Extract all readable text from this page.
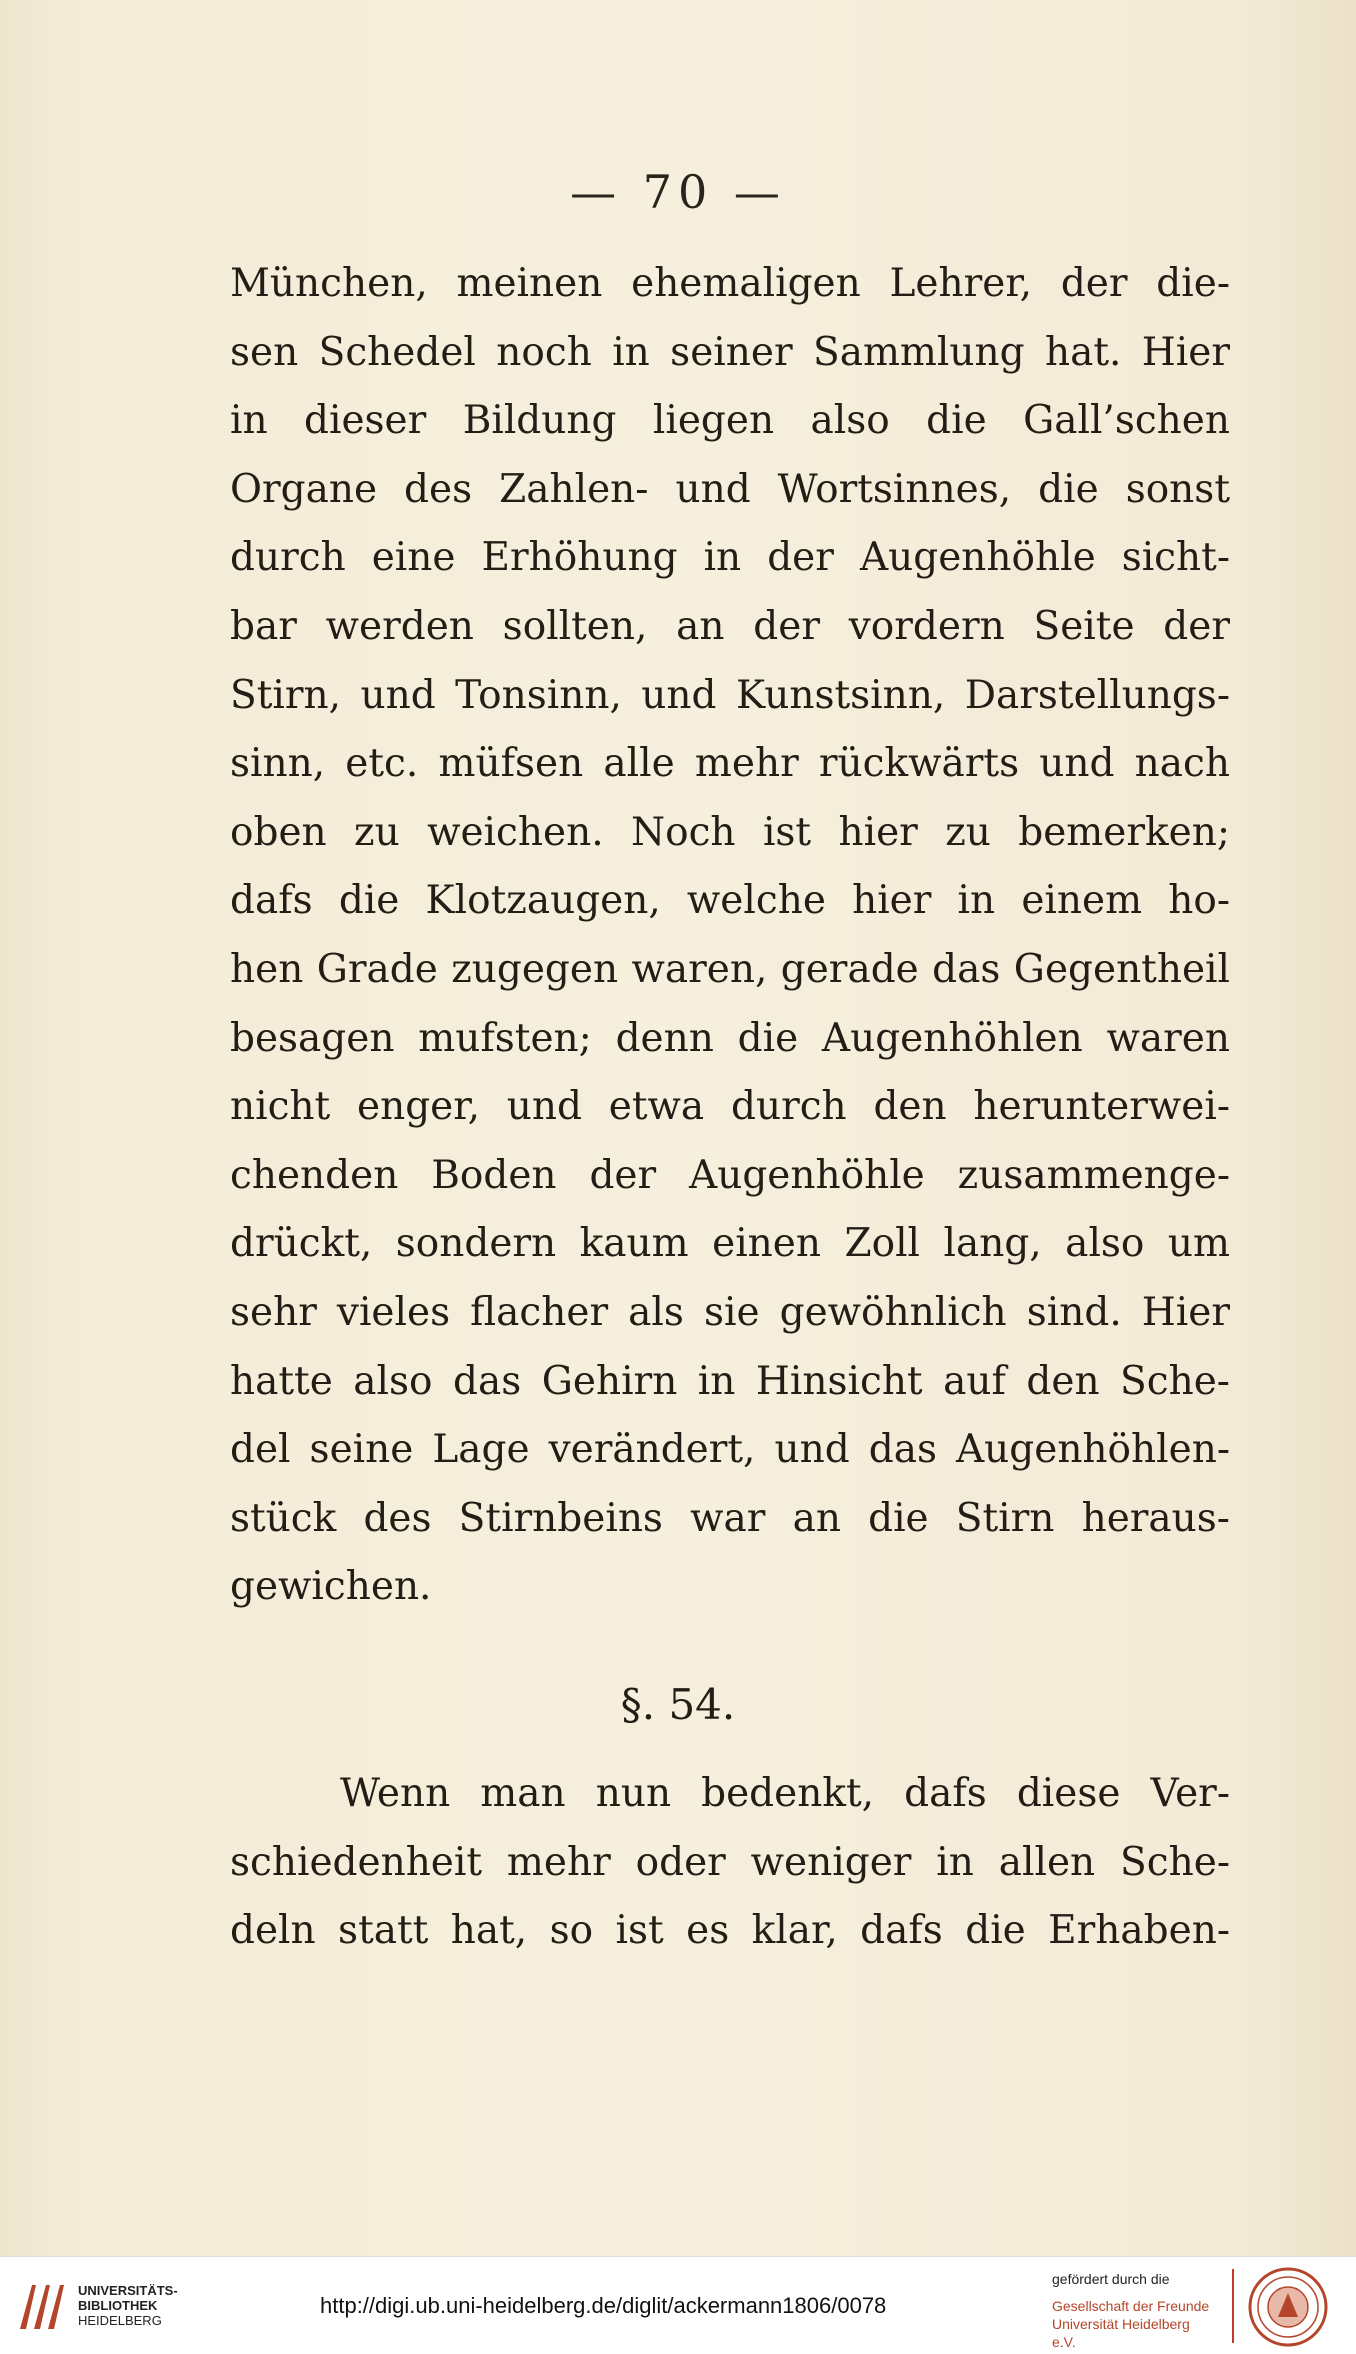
— 70 —
München, meinen ehemaligen Lehrer, der die-
sen Schedel noch in seiner Sammlung hat. Hier
in dieser Bildung liegen also die Gall’schen
Organe des Zahlen- und Wortsinnes, die sonst
durch eine Erhöhung in der Augenhöhle sicht-
bar werden sollten, an der vordern Seite der
Stirn, und Tonsinn, und Kunstsinn, Darstellungs-
sinn, etc. müfsen alle mehr rückwärts und nach
oben zu weichen. Noch ist hier zu bemerken;
dafs die Klotzaugen, welche hier in einem ho-
hen Grade zugegen waren, gerade das Gegentheil
besagen mufsten; denn die Augenhöhlen waren
nicht enger, und etwa durch den herunterwei-
chenden Boden der Augenhöhle zusammenge-
drückt, sondern kaum einen Zoll lang, also um
sehr vieles flacher als sie gewöhnlich sind. Hier
hatte also das Gehirn in Hinsicht auf den Sche-
del seine Lage verändert, und das Augenhöhlen-
stück des Stirnbeins war an die Stirn heraus-
gewichen.
§. 54.
Wenn man nun bedenkt, dafs diese Ver-
schiedenheit mehr oder weniger in allen Sche-
deln statt hat, so ist es klar, dafs die Erhaben-
UNIVERSITÄTS-
BIBLIOTHEK
HEIDELBERG
http://digi.ub.uni-heidelberg.de/diglit/ackermann1806/0078
gefördert durch die
Gesellschaft der Freunde
Universität Heidelberg e.V.
